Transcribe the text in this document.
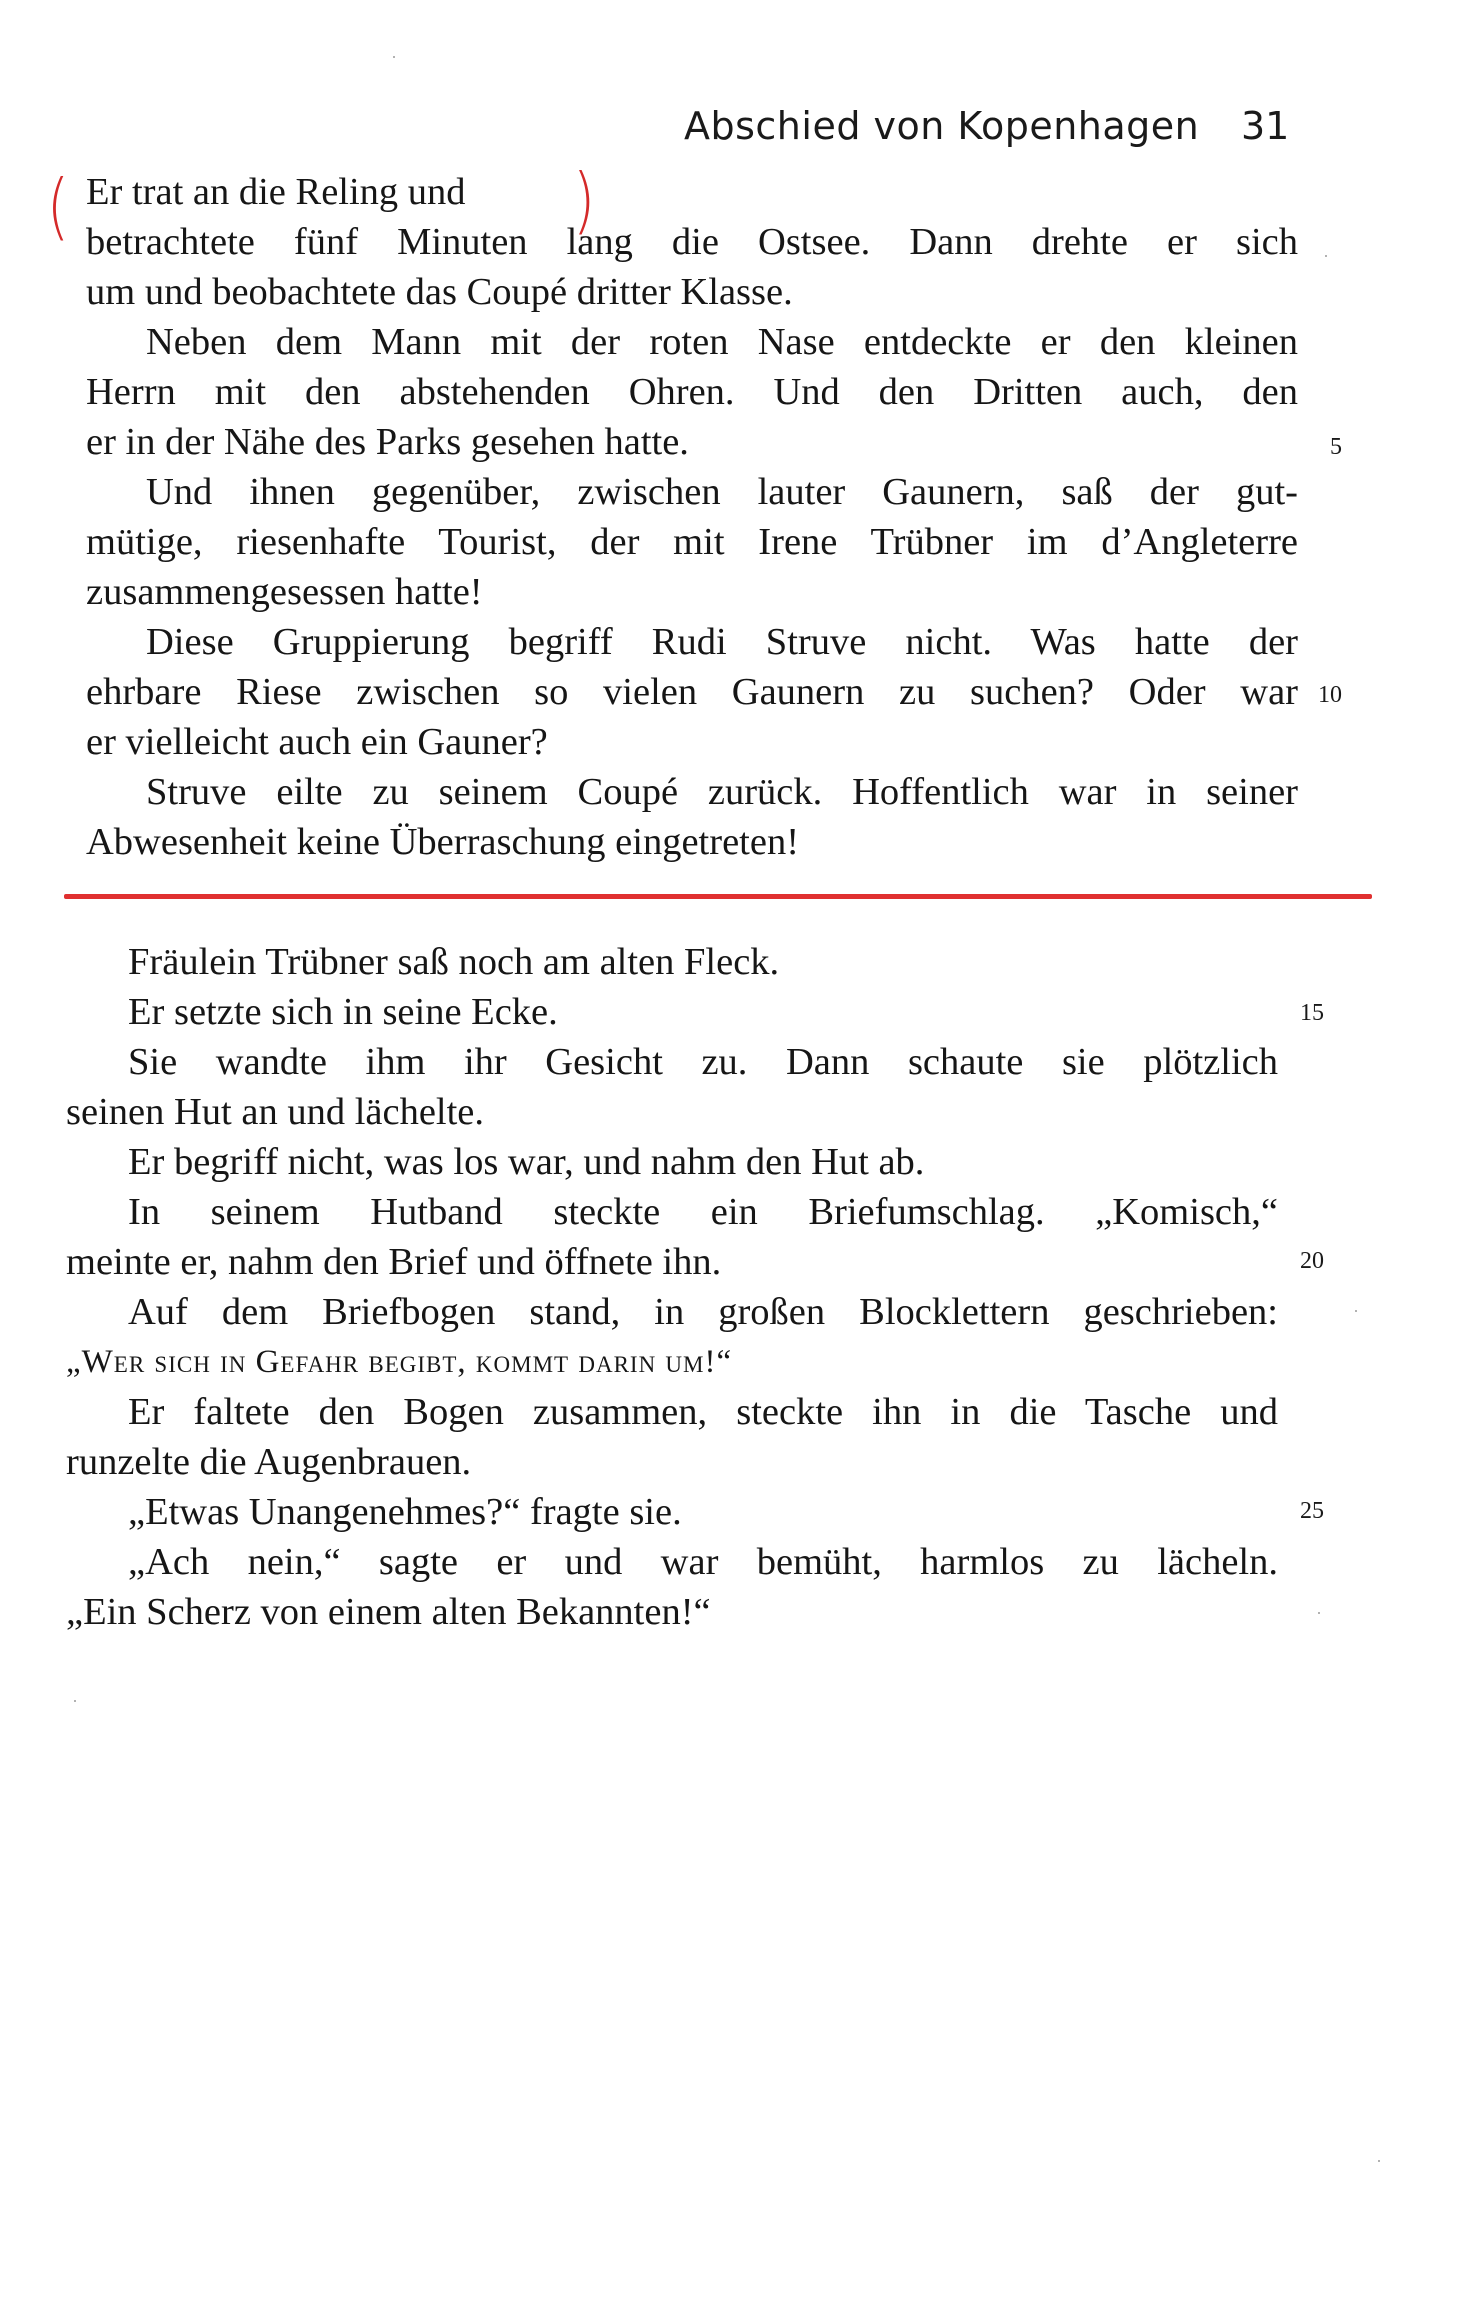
Abschied von Kopenhagen 31
(	)
Er trat an die Reling und
betrachtete fünf Minuten lang die Ostsee. Dann drehte er sich
um und beobachtete das Coupé dritter Klasse.
Neben dem Mann mit der roten Nase entdeckte er den kleinen
Herrn mit den abstehenden Ohren. Und den Dritten auch, den
er in der Nähe des Parks gesehen hatte.
Und ihnen gegenüber, zwischen lauter Gaunern, saß der gut-
mütige, riesenhafte Tourist, der mit Irene Trübner im d’Angleterre
zusammengesessen hatte!
Diese Gruppierung begriff Rudi Struve nicht. Was hatte der
ehrbare Riese zwischen so vielen Gaunern zu suchen? Oder war
er vielleicht auch ein Gauner?
Struve eilte zu seinem Coupé zurück. Hoffentlich war in seiner
Abwesenheit keine Überraschung eingetreten!
Fräulein Trübner saß noch am alten Fleck.
Er setzte sich in seine Ecke.
Sie wandte ihm ihr Gesicht zu. Dann schaute sie plötzlich
seinen Hut an und lächelte.
Er begriff nicht, was los war, und nahm den Hut ab.
In seinem Hutband steckte ein Briefumschlag. „Komisch,“
meinte er, nahm den Brief und öffnete ihn.
Auf dem Briefbogen stand, in großen Blocklettern geschrieben:
„Wer sich in Gefahr begibt, kommt darin um!“
Er faltete den Bogen zusammen, steckte ihn in die Tasche und
runzelte die Augenbrauen.
„Etwas Unangenehmes?“ fragte sie.
„Ach nein,“ sagte er und war bemüht, harmlos zu lächeln.
„Ein Scherz von einem alten Bekannten!“
5
10
15
20
25
